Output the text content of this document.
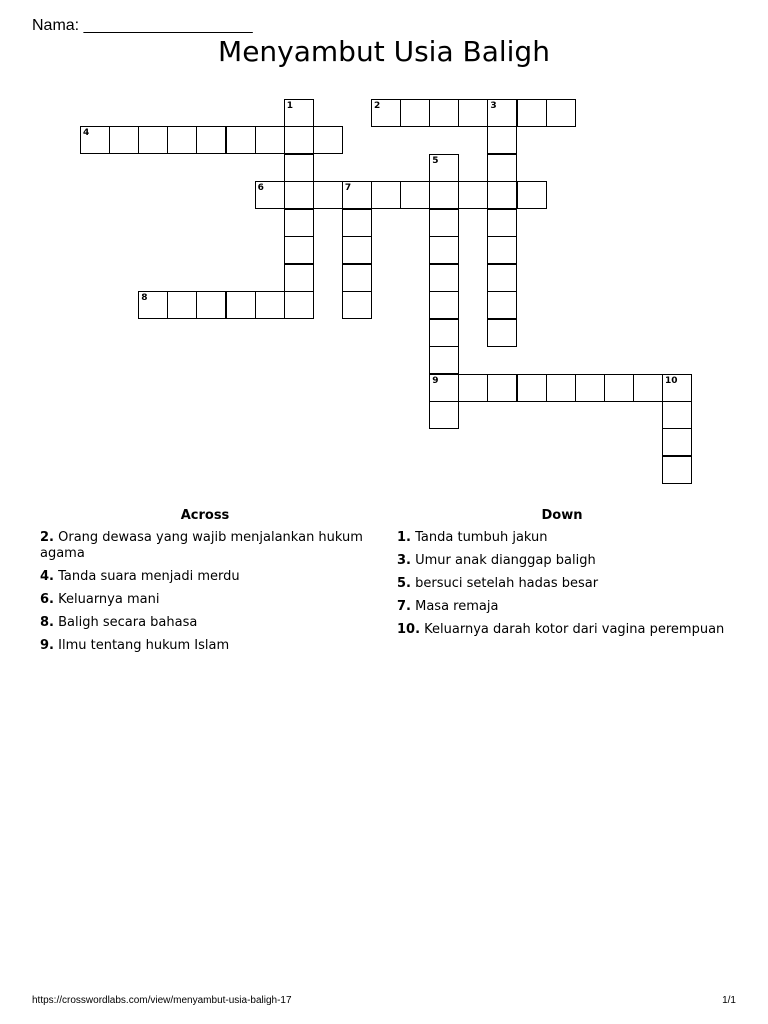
Nama: ___________________
Menyambut Usia Baligh
1	2	3
4
5
9
6	7
8
10
Across
2. Orang dewasa yang wajib menjalankan hukum agama
4. Tanda suara menjadi merdu
6. Keluarnya mani
8. Baligh secara bahasa
9. Ilmu tentang hukum Islam
Down
1. Tanda tumbuh jakun
3. Umur anak dianggap baligh
5. bersuci setelah hadas besar
7. Masa remaja
10. Keluarnya darah kotor dari vagina perempuan
https://crosswordlabs.com/view/menyambut-usia-baligh-17	1/1
